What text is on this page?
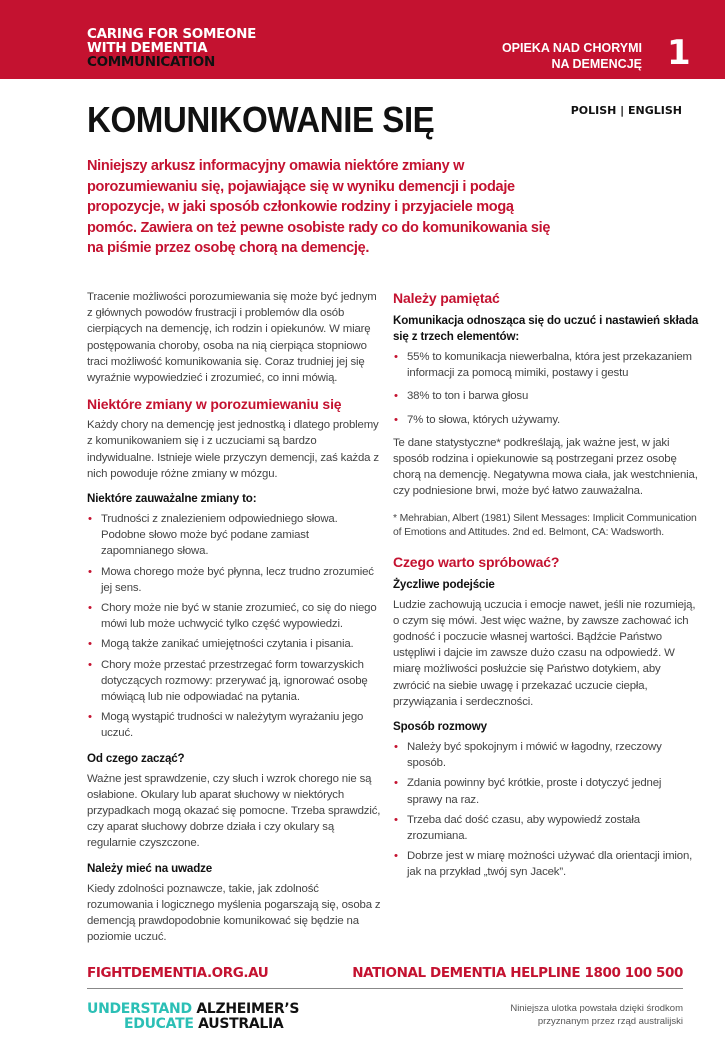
CARING FOR SOMEONE
WITH DEMENTIA
COMMUNICATION
OPIEKA NAD CHORYMI
NA DEMENCJĘ 1
KOMUNIKOWANIE SIĘ	POLISH | ENGLISH
Niniejszy arkusz informacyjny omawia niektóre zmiany w porozumiewaniu się, pojawiające się w wyniku demencji i podaje propozycje, w jaki sposób członkowie rodziny i przyjaciele mogą pomóc. Zawiera on też pewne osobiste rady co do komunikowania się na piśmie przez osobę chorą na demencję.

Tracenie możliwości porozumiewania się może być jednym z głównych powodów frustracji i problemów dla osób cierpiących na demencję, ich rodzin i opiekunów. W miarę postępowania choroby, osoba na nią cierpiąca stopniowo traci możliwość komunikowania się. Coraz trudniej jej się wyraźnie wypowiedzieć i zrozumieć, co inni mówią.

Niektóre zmiany w porozumiewaniu się

Każdy chory na demencję jest jednostką i dlatego problemy z komunikowaniem się i z uczuciami są bardzo indywidualne. Istnieje wiele przyczyn demencji, zaś każda z nich powoduje różne zmiany w mózgu.

Niektóre zauważalne zmiany to:
• Trudności z znalezieniem odpowiedniego słowa. Podobne słowo może być podane zamiast zapomnianego słowa.
• Mowa chorego może być płynna, lecz trudno zrozumieć jej sens.
• Chory może nie być w stanie zrozumieć, co się do niego mówi lub może uchwycić tylko część wypowiedzi.
• Mogą także zanikać umiejętności czytania i pisania.
• Chory może przestać przestrzegać form towarzyskich dotyczących rozmowy: przerywać ją, ignorować osobę mówiącą lub nie odpowiadać na pytania.
• Mogą wystąpić trudności w należytym wyrażaniu jego uczuć.
Od czego zacząć?

Ważne jest sprawdzenie, czy słuch i wzrok chorego nie są osłabione. Okulary lub aparat słuchowy w niektórych przypadkach mogą okazać się pomocne. Trzeba sprawdzić, czy aparat słuchowy dobrze działa i czy okulary są regularnie czyszczone.

Należy mieć na uwadze

Kiedy zdolności poznawcze, takie, jak zdolność rozumowania i logicznego myślenia pogarszają się, osoba z demencją prawdopodobnie komunikować się będzie na poziomie uczuć.

Należy pamiętać
Komunikacja odnosząca się do uczuć i nastawień składa się z trzech elementów:
• 55% to komunikacja niewerbalna, która jest przekazaniem informacji za pomocą mimiki, postawy i gestu
• 38% to ton i barwa głosu
• 7% to słowa, których używamy.

Te dane statystyczne* podkreślają, jak ważne jest, w jaki sposób rodzina i opiekunowie są postrzegani przez osobę chorą na demencję. Negatywna mowa ciała, jak westchnienia, czy podniesione brwi, może być łatwo zauważalna.

* Mehrabian, Albert (1981) Silent Messages: Implicit Communication of Emotions and Attitudes. 2nd ed. Belmont, CA: Wadsworth.

Czego warto spróbować?
Życzliwe podejście

Ludzie zachowują uczucia i emocje nawet, jeśli nie rozumieją, o czym się mówi. Jest więc ważne, by zawsze zachować ich godność i poczucie własnej wartości. Bądźcie Państwo ustępliwi i dajcie im zawsze dużo czasu na odpowiedź. W miarę możliwości posłużcie się Państwo dotykiem, aby zwrócić na siebie uwagę i przekazać uczucie ciepła, przywiązania i serdeczności.

Sposób rozmowy
• Należy być spokojnym i mówić w łagodny, rzeczowy sposób.
• Zdania powinny być krótkie, proste i dotyczyć jednej sprawy na raz.
• Trzeba dać dość czasu, aby wypowiedź została zrozumiana.
• Dobrze jest w miarę możności używać dla orientacji imion, jak na przykład „twój syn Jacek”.
FIGHTDEMENTIA.ORG.AU	NATIONAL DEMENTIA HELPLINE 1800 100 500
UNDERSTAND ALZHEIMER’S
EDUCATE AUSTRALIA
Niniejsza ulotka powstała dzięki środkom przyznanym przez rząd australijski
